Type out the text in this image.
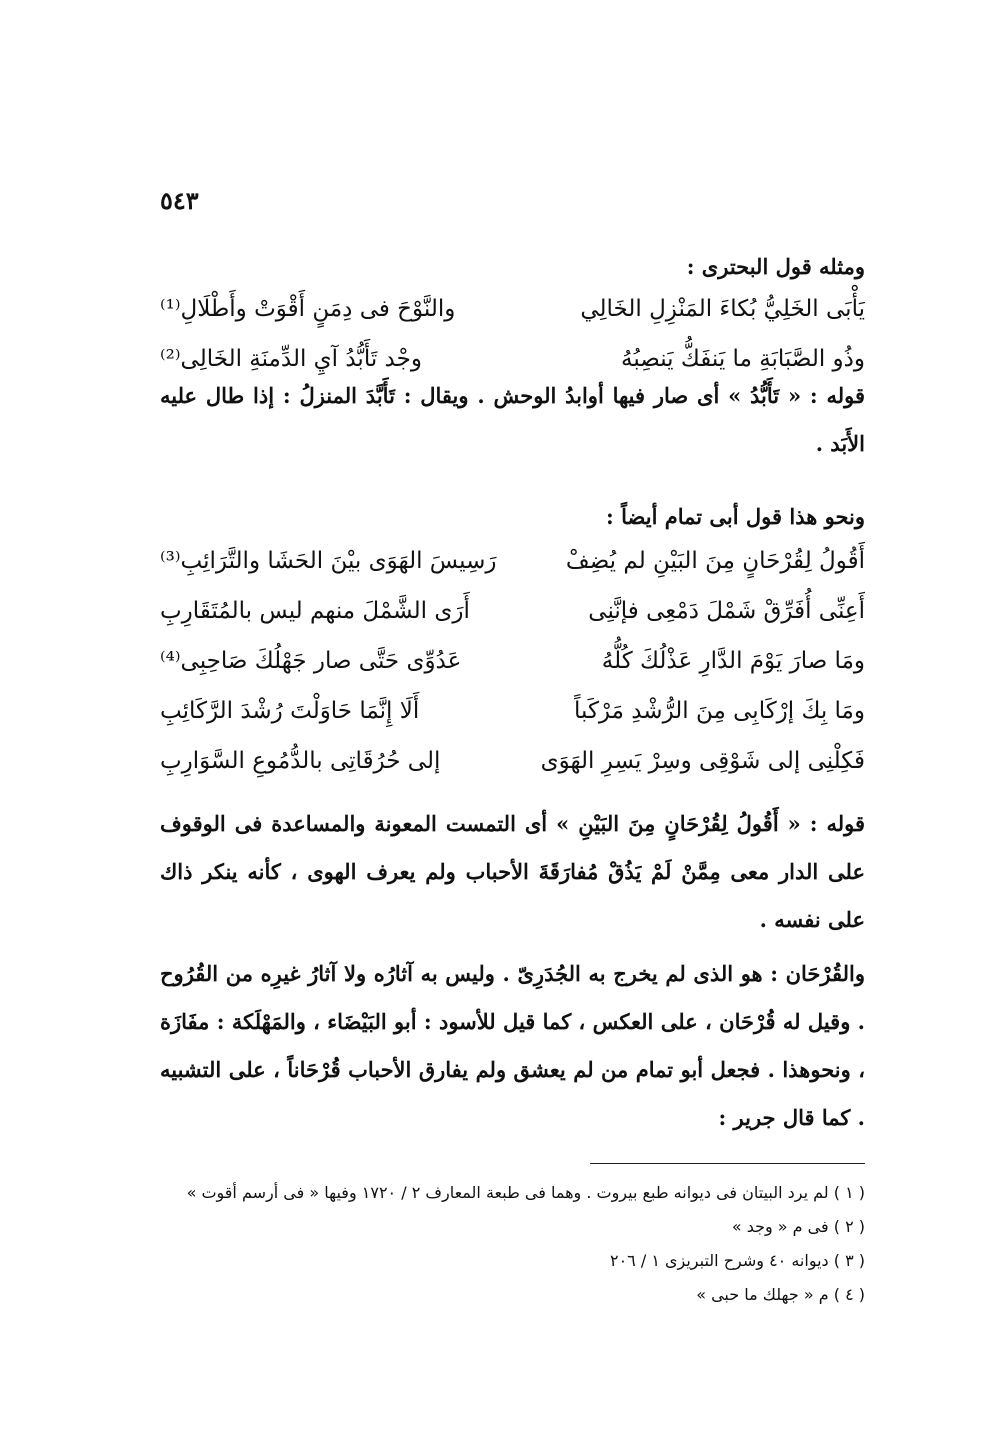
٥٤٣
ومثله قول البحترى :
يَأْبَى الخَلِيُّ بُكاءَ المَنْزِلِ الخَالِي
والنَّوْحَ فى دِمَنٍ أَقْوَتْ وأَطْلَالِ⁽¹⁾
وذُو الصَّبَابَةِ ما يَنفَكُّ يَنصِبُهُ
وجْد تَأَبُّدُ آيِ الدِّمنَةِ الخَالِى⁽²⁾
قوله : « تَأَبُّدُ » أى صار فيها أوابدُ الوحش . ويقال : تَأَبَّدَ المنزلُ : إذا طال عليه الأَبَد .
ونحو هذا قول أبى تمام أيضاً :
أَقُولُ لِقُرْحَانٍ مِنَ البَيْنِ لم يُضِفْ
رَسِيسَ الهَوَى بيْنَ الحَشَا والتَّرَائِبِ⁽³⁾
أَعِنِّى أُفَرِّقْ شَمْلَ دَمْعِى فإنَّنِى
أَرَى الشَّمْلَ منهم ليس بالمُتَقَارِبِ
ومَا صارَ يَوْمَ الدَّارِ عَذْلُكَ كُلُّهُ
عَدُوِّى حَتَّى صار جَهْلُكَ صَاحِبِى⁽⁴⁾
ومَا بِكَ إرْكَابِى مِنَ الرُّشْدِ مَرْكَباً
أَلَا إِنَّمَا حَاوَلْتَ رُشْدَ الرَّكَائِبِ
فَكِلْنِى إلى شَوْقِى وسِرْ يَسِرِ الهَوَى
إلى حُرُقَاتِى بالدُّمُوعِ السَّوَارِبِ
قوله : « أَقُولُ لِقُرْحَانٍ مِنَ البَيْنِ » أى التمست المعونة والمساعدة فى الوقوف على الدار معى مِمَّنْ لَمْ يَذُقْ مُفارَقَةَ الأحباب ولم يعرف الهوى ، كأنه ينكر ذاك على نفسه .
والقُرْحَان : هو الذى لم يخرج به الجُدَرِىّ . وليس به آثارُه ولا آثارُ غيرِه من القُرُوح . وقيل له قُرْحَان ، على العكس ، كما قيل للأسود : أبو البَيْضَاء ، والمَهْلَكة : مفَازَة ، ونحوهذا . فجعل أبو تمام من لم يعشق ولم يفارق الأحباب قُرْحَاناً ، على التشبيه . كما قال جرير :

( ١ ) لم يرد البيتان فى ديوانه طبع بيروت . وهما فى طبعة المعارف ٢ / ١٧٢٠ وفيها « فى أرسم أقوت »

( ٢ ) فى م « وجد »

( ٣ ) ديوانه ٤٠ وشرح التبريزى ١ / ٢٠٦

( ٤ ) م « جهلك ما حبى »
